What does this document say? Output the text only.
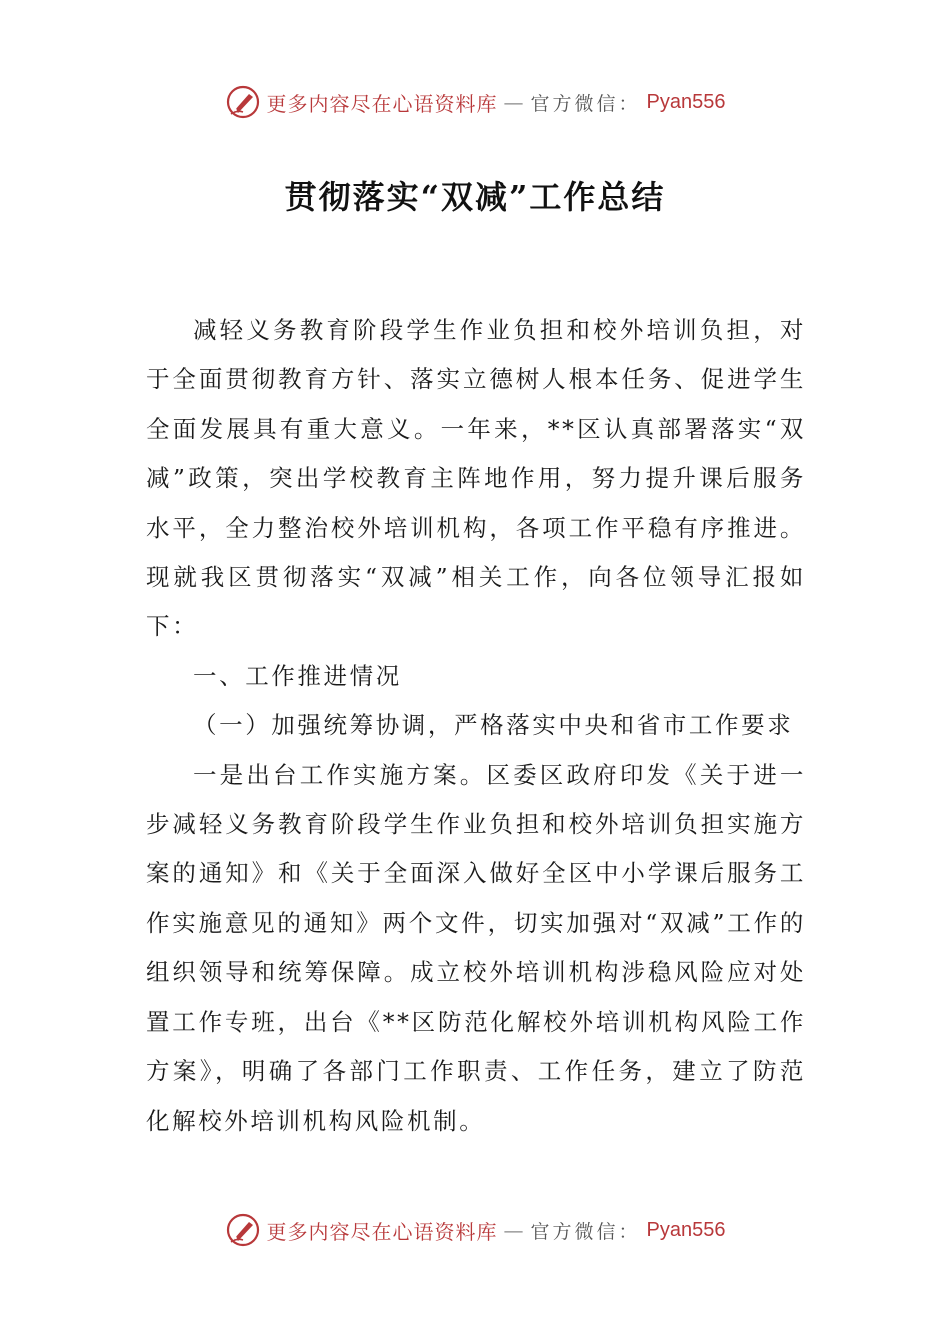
更多内容尽在心语资料库 — 官方微信： Pyan556
贯彻落实“双减”工作总结

减轻义务教育阶段学生作业负担和校外培训负担，对于全面贯彻教育方针、落实立德树人根本任务、促进学生全面发展具有重大意义。一年来，**区认真部署落实“双减”政策，突出学校教育主阵地作用，努力提升课后服务水平，全力整治校外培训机构，各项工作平稳有序推进。现就我区贯彻落实“双减”相关工作，向各位领导汇报如下：

一、工作推进情况

（一）加强统筹协调，严格落实中央和省市工作要求

一是出台工作实施方案。区委区政府印发《关于进一步减轻义务教育阶段学生作业负担和校外培训负担实施方案的通知》和《关于全面深入做好全区中小学课后服务工作实施意见的通知》两个文件，切实加强对“双减”工作的组织领导和统筹保障。成立校外培训机构涉稳风险应对处置工作专班，出台《**区防范化解校外培训机构风险工作方案》，明确了各部门工作职责、工作任务，建立了防范化解校外培训机构风险机制。

更多内容尽在心语资料库 — 官方微信： Pyan556
